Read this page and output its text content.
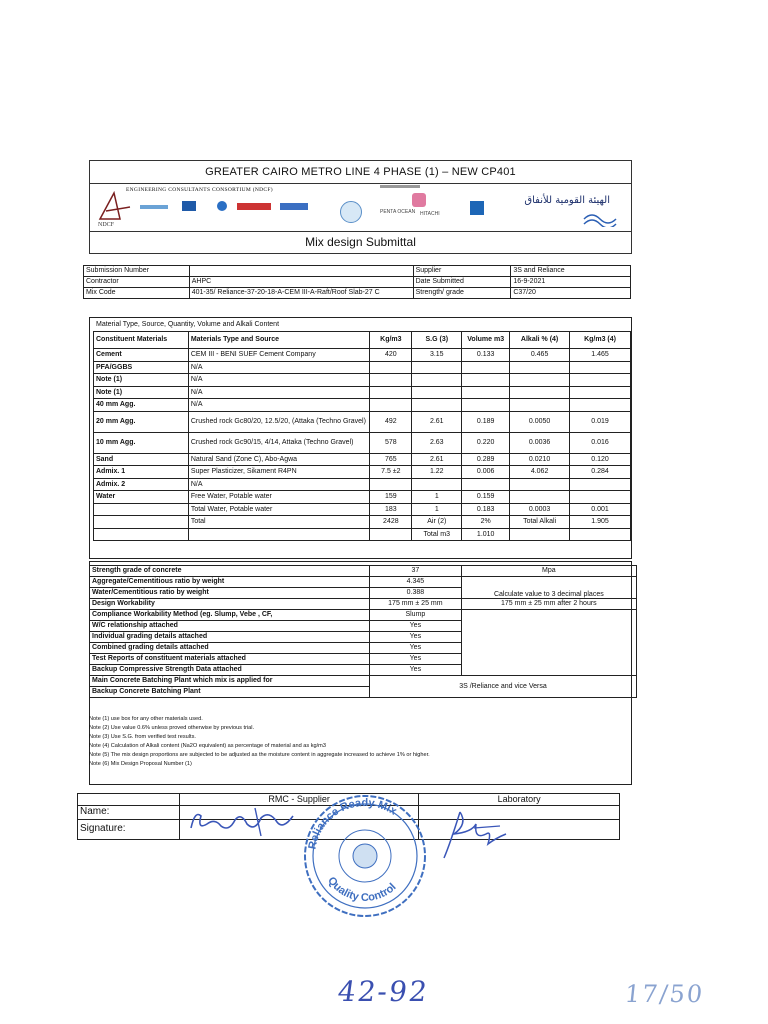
GREATER CAIRO METRO LINE 4 PHASE (1) – NEW CP401
NDCF
ENGINEERING CONSULTANTS CONSORTIUM (NDCF)
PENTA OCEAN HITACHI
الهيئة القومية للأنفاق
Mix design Submittal
Submission Number		Supplier	3S and Reliance
Contractor	AHPC	Date Submitted	16-9-2021
Mix Code	401-35/ Reliance-37-20-18-A-CEM III-A-Raft/Roof Slab-27 C	Strength/ grade	C37/20
Material Type, Source, Quantity, Volume and Alkali Content
Constituent Materials	Materials Type and Source	Kg/m3	S.G (3)	Volume m3	Alkali % (4)	Kg/m3 (4)
Cement	CEM III - BENI SUEF Cement Company	420	3.15	0.133	0.465	1.465
PFA/GGBS	N/A					
Note (1)	N/A					
Note (1)	N/A					
40 mm Agg.	N/A					
20 mm Agg.	Crushed rock Gc80/20, 12.5/20, (Attaka (Techno Gravel)	492	2.61	0.189	0.0050	0.019
10 mm Agg.	Crushed rock Gc90/15, 4/14, Attaka (Techno Gravel)	578	2.63	0.220	0.0036	0.016
Sand	Natural Sand (Zone C), Abo-Agwa	765	2.61	0.289	0.0210	0.120
Admix. 1	Super Plasticizer, Sikament R4PN	7.5 ±2	1.22	0.006	4.062	0.284
Admix. 2	N/A					
Water	Free Water, Potable water	159	1	0.159		
	Total Water, Potable water	183	1	0.183	0.0003	0.001
	Total	2428	Air (2)	2%	Total Alkali	1.905
			Total m3	1.010		
Strength grade of concrete	37	Mpa
Aggregate/Cementitious ratio by weight	4.345	Calculate value to 3 decimal places
Water/Cementitious ratio by weight	0.388	
Design Workability	175 mm ± 25 mm	175 mm ± 25 mm after 2 hours
Compliance Workability Method (eg. Slump, Vebe , CF,	Slump	
W/C relationship attached	Yes	
Individual grading details attached	Yes	
Combined grading details attached	Yes	
Test Reports of constituent materials attached	Yes	
Backup Compressive Strength Data attached	Yes	
Main Concrete Batching Plant which mix is applied for	3S /Reliance and vice Versa	
Backup Concrete Batching Plant		
Note (1) use box for any other materials used.
Note (2) Use value 0.6% unless proved otherwise by previous trial.
Note (3) Use S.G. from verified test results.
Note (4) Calculation of Alkali content (Na2O equivalent) as percentage of material and as kg/m3
Note (5) The mix design proportions are subjected to be adjusted as the moisture content in aggregate increased to achieve 1% or higher.
Note (6) Mix Design Proposal Number (1)
	RMC - Supplier	Laboratory
Name:		
Signature:		
Reliance Ready Mix
Quality Control
42-92	17/50
